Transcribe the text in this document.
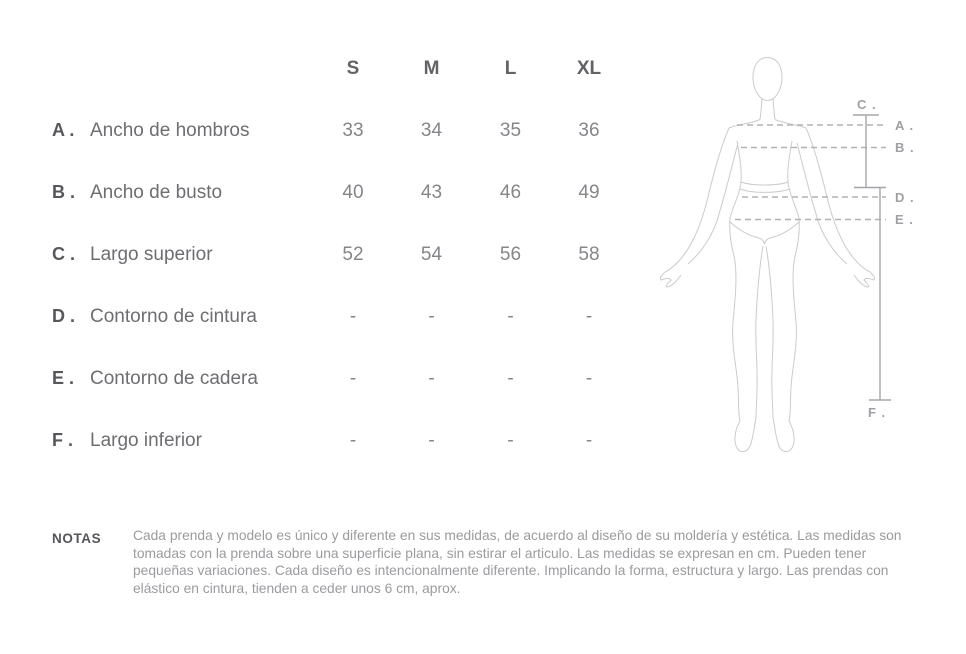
S	M	L	XL
A . Ancho de hombros	33	34	35	36
B . Ancho de busto	40	43	46	49
C . Largo superior	52	54	56	58
D . Contorno de cintura	-	-	-	-
E . Contorno de cadera	-	-	-	-
F . Largo inferior	-	-	-	-
C .
A .
B .
D .
E .
F .
NOTAS Cada prenda y modelo es único y diferente en sus medidas, de acuerdo al diseño de su moldería y estética. Las medidas son tomadas con la prenda sobre una superficie plana, sin estirar el articulo. Las medidas se expresan en cm. Pueden tener pequeñas variaciones. Cada diseño es intencionalmente diferente. Implicando la forma, estructura y largo. Las prendas con elástico en cintura, tienden a ceder unos 6 cm, aprox.
